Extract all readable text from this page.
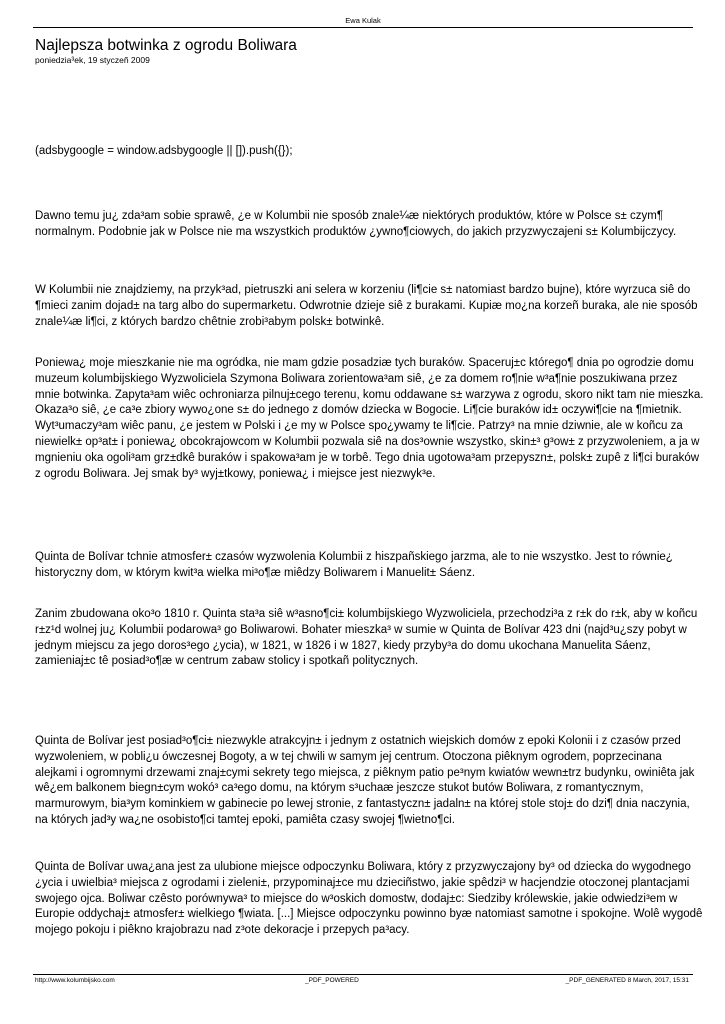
Ewa Kulak
Najlepsza botwinka z ogrodu Boliwara
poniedzia³ek, 19 styczeñ 2009

(adsbygoogle = window.adsbygoogle || []).push({});

Dawno temu ju¿ zda³am sobie sprawê, ¿e w Kolumbii nie sposób znale¼æ niektórych produktów, które w Polsce s± czym¶ normalnym. Podobnie jak w Polsce nie ma wszystkich produktów ¿ywno¶ciowych, do jakich przyzwyczajeni s± Kolumbijczycy.

W Kolumbii nie znajdziemy, na przyk³ad, pietruszki ani selera w korzeniu (li¶cie s± natomiast bardzo bujne), które wyrzuca siê do ¶mieci zanim dojad± na targ albo do supermarketu. Odwrotnie dzieje siê z burakami. Kupiæ mo¿na korzeñ buraka, ale nie sposób znale¼æ li¶ci, z których bardzo chêtnie zrobi³abym polsk± botwinkê.

Poniewa¿ moje mieszkanie nie ma ogródka, nie mam gdzie posadziæ tych buraków. Spaceruj±c którego¶ dnia po ogrodzie domu muzeum kolumbijskiego Wyzwoliciela Szymona Boliwara zorientowa³am siê, ¿e za domem ro¶nie w³a¶nie poszukiwana przez mnie botwinka. Zapyta³am wiêc ochroniarza pilnuj±cego terenu, komu oddawane s± warzywa z ogrodu, skoro nikt tam nie mieszka. Okaza³o siê, ¿e ca³e zbiory wywo¿one s± do jednego z domów dziecka w Bogocie. Li¶cie buraków id± oczywi¶cie na ¶mietnik. Wyt³umaczy³am wiêc panu, ¿e jestem w Polski i ¿e my w Polsce spo¿ywamy te li¶cie. Patrzy³ na mnie dziwnie, ale w koñcu za niewielk± op³at± i poniewa¿ obcokrajowcom w Kolumbii pozwala siê na dos³ownie wszystko, skin±³ g³ow± z przyzwoleniem, a ja w mgnieniu oka ogoli³am grz±dkê buraków i spakowa³am je w torbê. Tego dnia ugotowa³am przepyszn±, polsk± zupê z li¶ci buraków z ogrodu Boliwara. Jej smak by³ wyj±tkowy, poniewa¿ i miejsce jest niezwyk³e.

Quinta de Bolívar tchnie atmosfer± czasów wyzwolenia Kolumbii z hiszpañskiego jarzma, ale to nie wszystko. Jest to równie¿ historyczny dom, w którym kwit³a wielka mi³o¶æ miêdzy Boliwarem i Manuelit± Sáenz.

Zanim zbudowana oko³o 1810 r. Quinta sta³a siê w³asno¶ci± kolumbijskiego Wyzwoliciela, przechodzi³a z r±k do r±k, aby w koñcu r±z¹d wolnej ju¿ Kolumbii podarowa³ go Boliwarowi. Bohater mieszka³ w sumie w Quinta de Bolívar 423 dni (najd³u¿szy pobyt w jednym miejscu za jego doros³ego ¿ycia), w 1821, w 1826 i w 1827, kiedy przyby³a do domu ukochana Manuelita Sáenz, zamieniaj±c tê posiad³o¶æ w centrum zabaw stolicy i spotkañ politycznych.

Quinta de Bolívar jest posiad³o¶ci± niezwykle atrakcyjn± i jednym z ostatnich wiejskich domów z epoki Kolonii i z czasów przed wyzwoleniem, w pobli¿u ówczesnej Bogoty, a w tej chwili w samym jej centrum. Otoczona piêknym ogrodem, poprzecinana alejkami i ogromnymi drzewami znaj±cymi sekrety tego miejsca, z piêknym patio pe³nym kwiatów wewn±trz budynku, owiniêta jak wê¿em balkonem biegn±cym wokó³ ca³ego domu, na którym s³uchaæ jeszcze stukot butów Boliwara, z romantycznym, marmurowym, bia³ym kominkiem w gabinecie po lewej stronie, z fantastyczn± jadaln± na której stole stoj± do dzi¶ dnia naczynia, na których jad³y wa¿ne osobisto¶ci tamtej epoki, pamiêta czasy swojej ¶wietno¶ci.

Quinta de Bolívar uwa¿ana jest za ulubione miejsce odpoczynku Boliwara, który z przyzwyczajony by³ od dziecka do wygodnego ¿ycia i uwielbia³ miejsca z ogrodami i zieleni±, przypominaj±ce mu dzieciñstwo, jakie spêdzi³ w hacjendzie otoczonej plantacjami swojego ojca. Boliwar czêsto porównywa³ to miejsce do w³oskich domostw, dodaj±c: Siedziby królewskie, jakie odwiedzi³em w Europie oddychaj± atmosfer± wielkiego ¶wiata. [...] Miejsce odpoczynku powinno byæ natomiast samotne i spokojne. Wolê wygodê mojego pokoju i piêkno krajobrazu nad z³ote dekoracje i przepych pa³acy.

http://www.kolumbijsko.com	_PDF_POWERED	_PDF_GENERATED 8 March, 2017, 15:31
